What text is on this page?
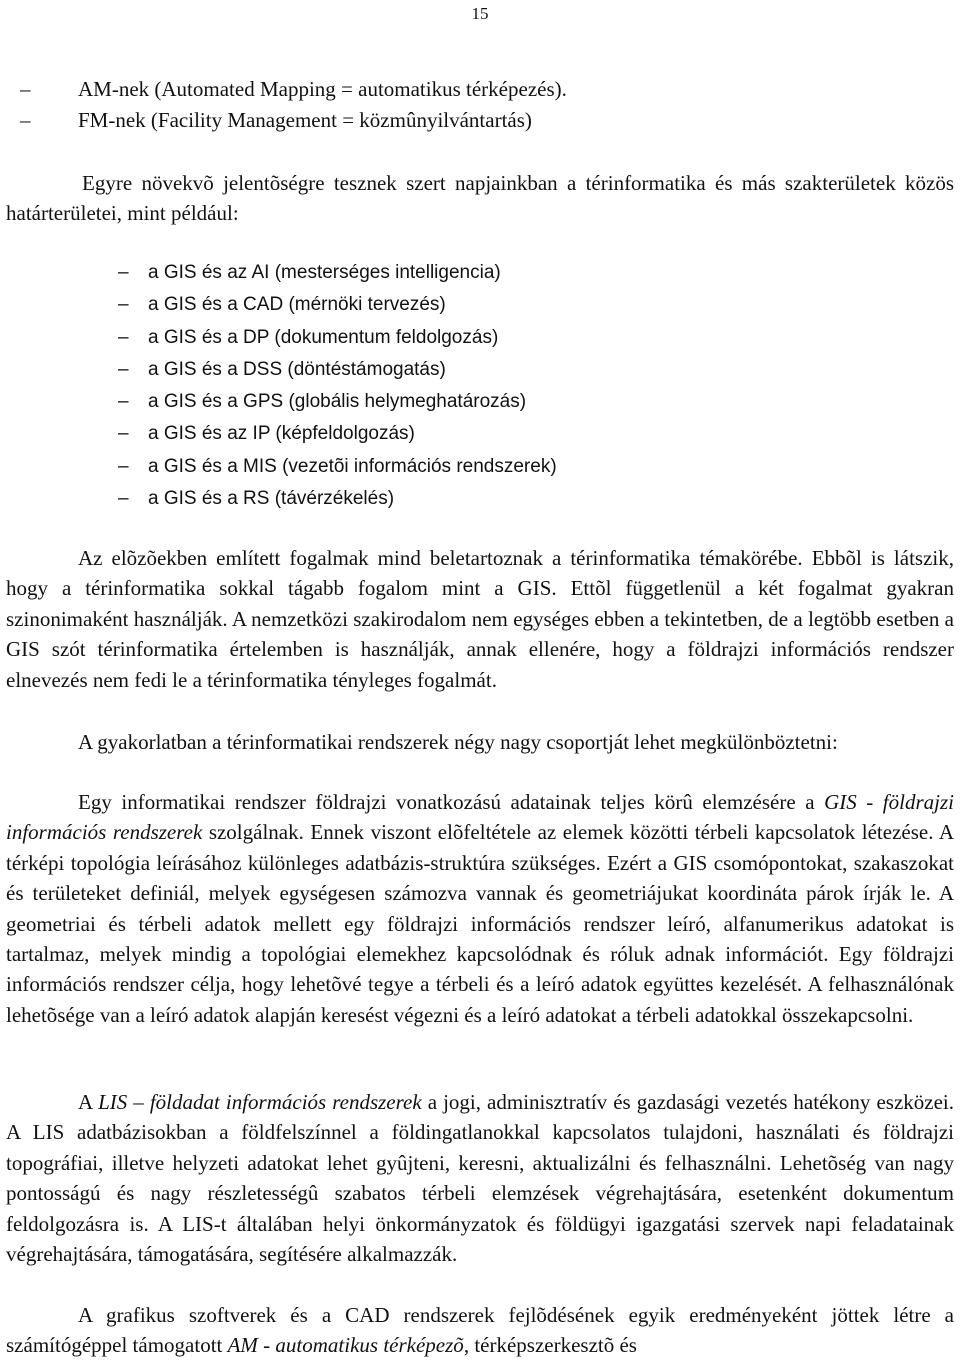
15
– AM-nek (Automated Mapping = automatikus térképezés).
– FM-nek (Facility Management = közmûnyilvántartás)

Egyre növekvõ jelentõségre tesznek szert napjainkban a térinformatika és más szakterületek közös határterületei, mint például:

– a GIS és az AI (mesterséges intelligencia)
– a GIS és a CAD (mérnöki tervezés)
– a GIS és a DP (dokumentum feldolgozás)
– a GIS és a DSS (döntéstámogatás)
– a GIS és a GPS (globális helymeghatározás)
– a GIS és az IP (képfeldolgozás)
– a GIS és a MIS (vezetõi információs rendszerek)
– a GIS és a RS (távérzékelés)

Az elõzõekben említett fogalmak mind beletartoznak a térinformatika témakörébe. Ebbõl is látszik, hogy a térinformatika sokkal tágabb fogalom mint a GIS. Ettõl függetlenül a két fogalmat gyakran szinonimaként használják. A nemzetközi szakirodalom nem egységes ebben a tekintetben, de a legtöbb esetben a GIS szót térinformatika értelemben is használják, annak ellenére, hogy a földrajzi információs rendszer elnevezés nem fedi le a térinformatika tényleges fogalmát.

A gyakorlatban a térinformatikai rendszerek négy nagy csoportját lehet megkülönböztetni:

Egy informatikai rendszer földrajzi vonatkozású adatainak teljes körû elemzésére a GIS - földrajzi információs rendszerek szolgálnak. Ennek viszont elõfeltétele az elemek közötti térbeli kapcsolatok létezése. A térképi topológia leírásához különleges adatbázis-struktúra szükséges. Ezért a GIS csomópontokat, szakaszokat és területeket definiál, melyek egységesen számozva vannak és geometriájukat koordináta párok írják le. A geometriai és térbeli adatok mellett egy földrajzi információs rendszer leíró, alfanumerikus adatokat is tartalmaz, melyek mindig a topológiai elemekhez kapcsolódnak és róluk adnak információt. Egy földrajzi információs rendszer célja, hogy lehetõvé tegye a térbeli és a leíró adatok együttes kezelését. A felhasználónak lehetõsége van a leíró adatok alapján keresést végezni és a leíró adatokat a térbeli adatokkal összekapcsolni.

A LIS – földadat információs rendszerek a jogi, adminisztratív és gazdasági vezetés hatékony eszközei. A LIS adatbázisokban a földfelszínnel a földingatlanokkal kapcsolatos tulajdoni, használati és földrajzi topográfiai, illetve helyzeti adatokat lehet gyûjteni, keresni, aktualizálni és felhasználni. Lehetõség van nagy pontosságú és nagy részletességû szabatos térbeli elemzések végrehajtására, esetenként dokumentum feldolgozásra is. A LIS-t általában helyi önkormányzatok és földügyi igazgatási szervek napi feladatainak végrehajtására, támogatására, segítésére alkalmazzák.

A grafikus szoftverek és a CAD rendszerek fejlõdésének egyik eredményeként jöttek létre a számítógéppel támogatott AM - automatikus térképezõ, térképszerkesztõ és
